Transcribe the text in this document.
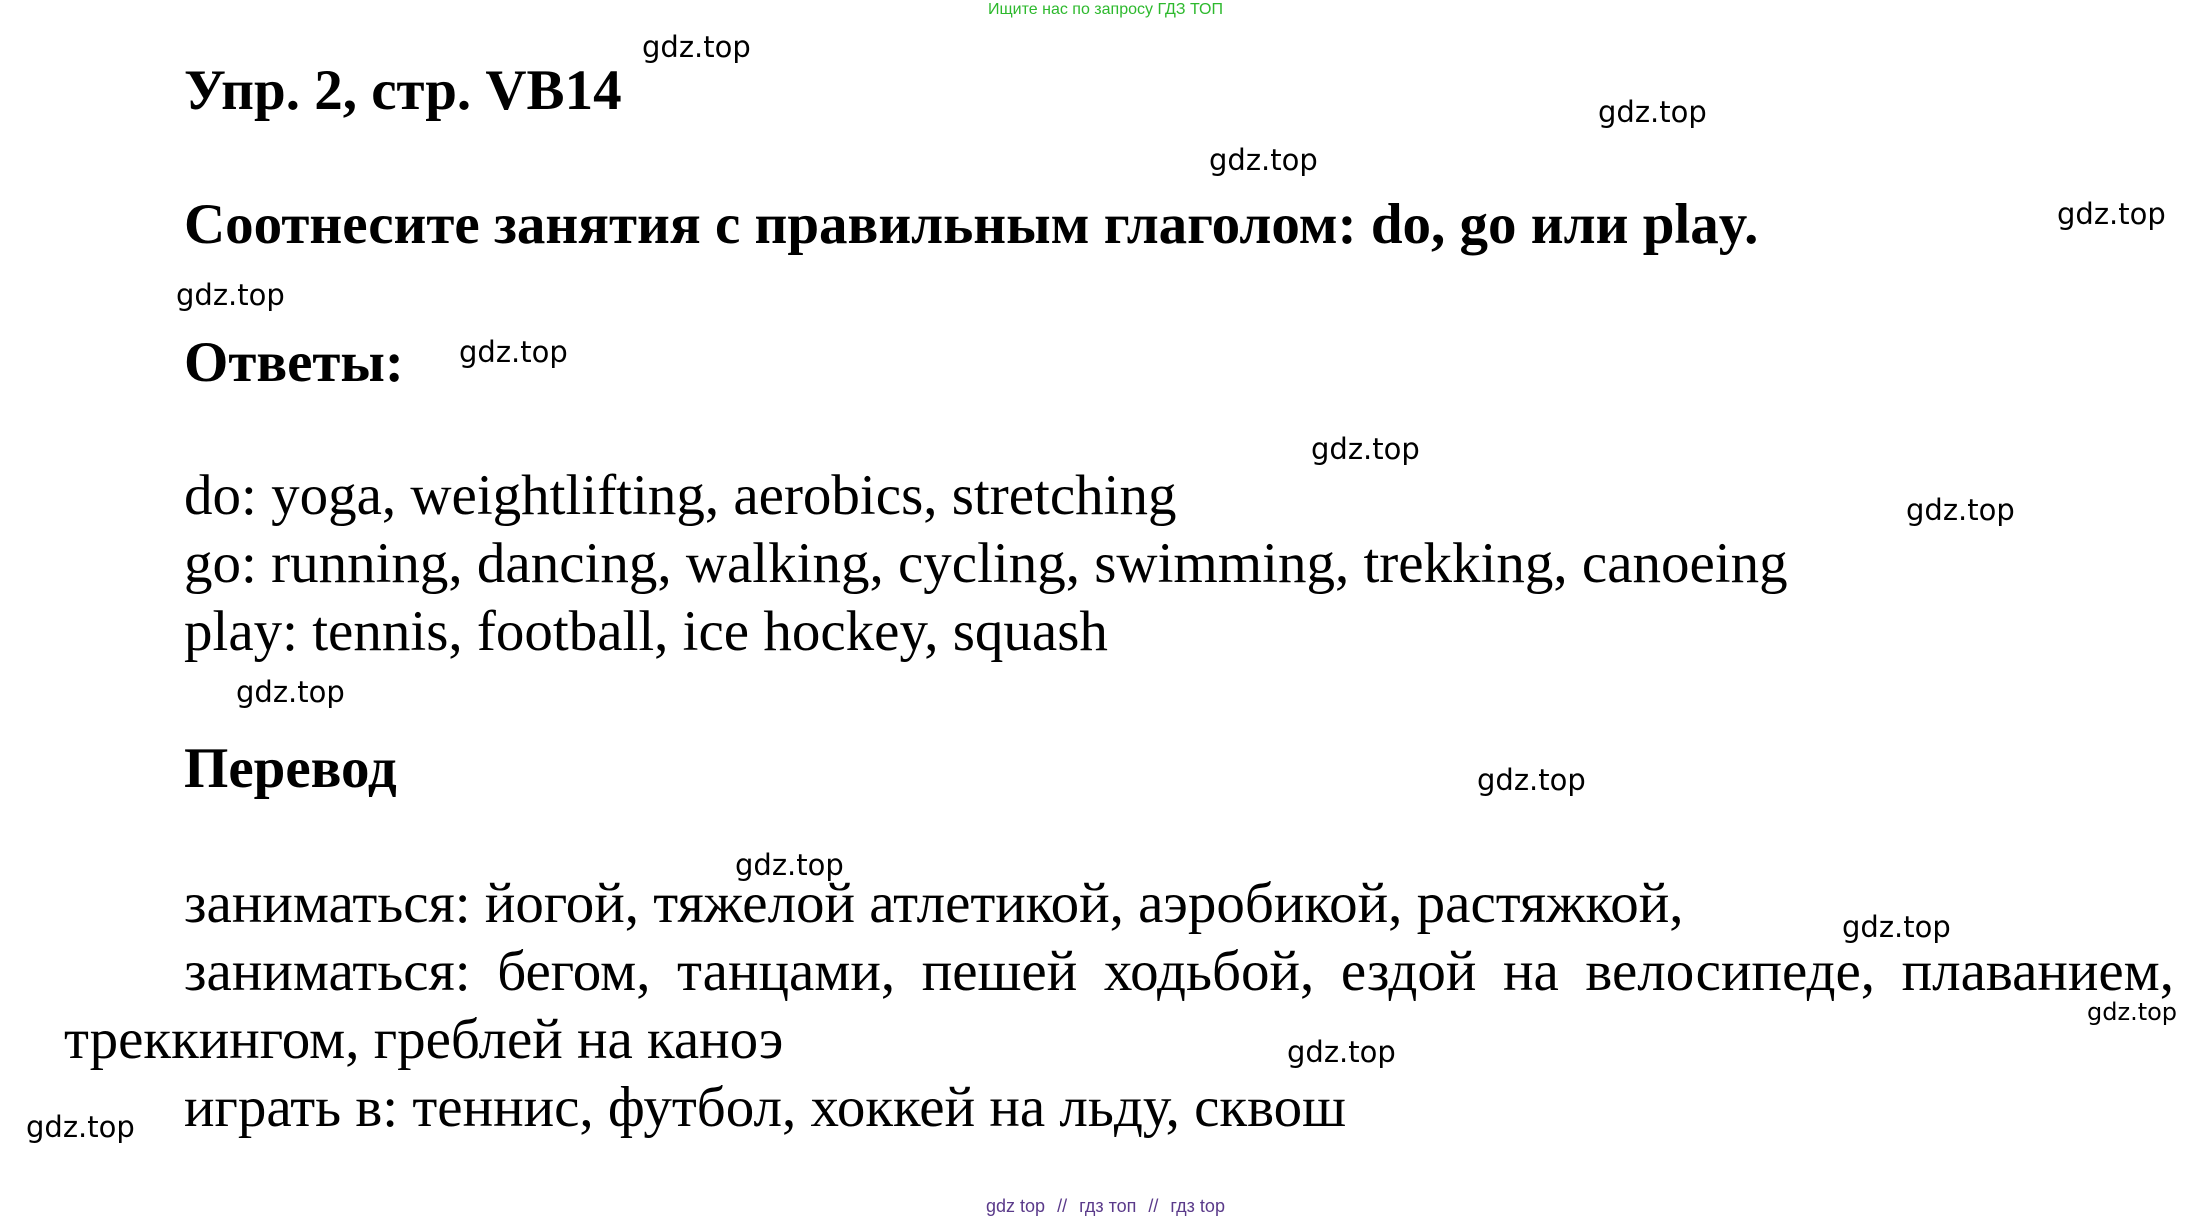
Ищите нас по запросу ГДЗ ТОП
Упр. 2, стр. VB14
Соотнесите занятия с правильным глаголом: do, go или play.
Ответы:
do: yoga, weightlifting, aerobics, stretching
go: running, dancing, walking, cycling, swimming, trekking, canoeing
play: tennis, football, ice hockey, squash
Перевод
заниматься: йогой, тяжелой атлетикой, аэробикой, растяжкой,
заниматься: бегом, танцами, пешей ходьбой, ездой на велосипеде, плаванием,
треккингом, греблей на каноэ
играть в: теннис, футбол, хоккей на льду, сквош
gdz.top
gdz.top
gdz.top
gdz.top
gdz.top
gdz.top
gdz.top
gdz.top
gdz.top
gdz.top
gdz.top
gdz.top
gdz.top
gdz.top
gdz.top
gdz top // гдз топ // гдз top
